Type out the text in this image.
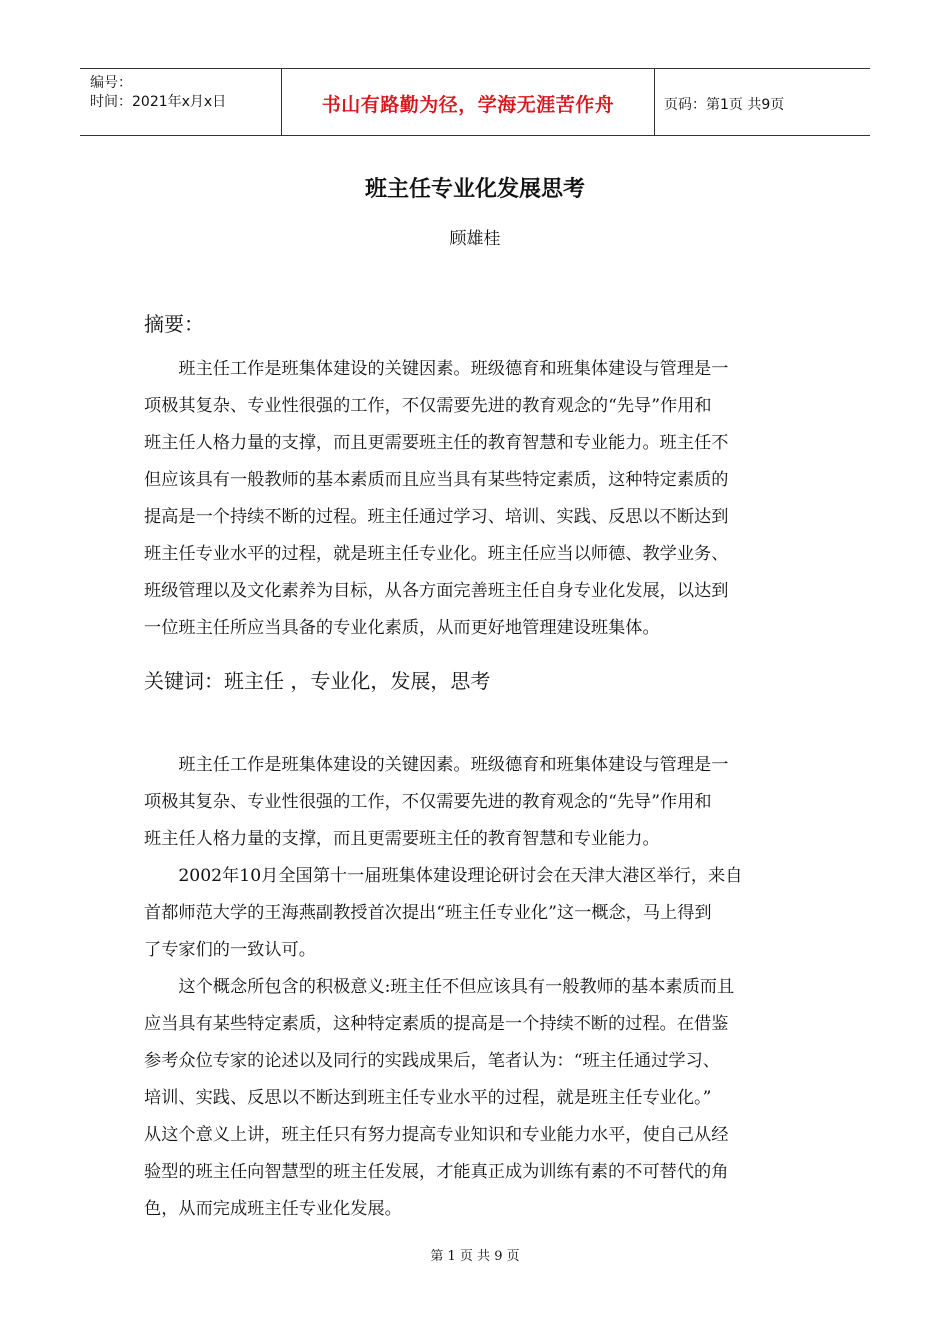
编号：
时间：2021年x月x日	书山有路勤为径，学海无涯苦作舟	页码：第1页 共9页
班主任专业化发展思考
顾雄桂
摘要：
　　班主任工作是班集体建设的关键因素。班级德育和班集体建设与管理是一
项极其复杂、专业性很强的工作，不仅需要先进的教育观念的“先导”作用和
班主任人格力量的支撑，而且更需要班主任的教育智慧和专业能力。班主任不
但应该具有一般教师的基本素质而且应当具有某些特定素质，这种特定素质的
提高是一个持续不断的过程。班主任通过学习、培训、实践、反思以不断达到
班主任专业水平的过程，就是班主任专业化。班主任应当以师德、教学业务、
班级管理以及文化素养为目标，从各方面完善班主任自身专业化发展，以达到
一位班主任所应当具备的专业化素质，从而更好地管理建设班集体。
关键词：班主任 ，专业化，发展，思考
　　班主任工作是班集体建设的关键因素。班级德育和班集体建设与管理是一
项极其复杂、专业性很强的工作，不仅需要先进的教育观念的“先导”作用和
班主任人格力量的支撑，而且更需要班主任的教育智慧和专业能力。
　　2002年10月全国第十一届班集体建设理论研讨会在天津大港区举行，来自
首都师范大学的王海燕副教授首次提出“班主任专业化”这一概念，马上得到
了专家们的一致认可。
　　这个概念所包含的积极意义:班主任不但应该具有一般教师的基本素质而且
应当具有某些特定素质，这种特定素质的提高是一个持续不断的过程。在借鉴
参考众位专家的论述以及同行的实践成果后，笔者认为：“班主任通过学习、
培训、实践、反思以不断达到班主任专业水平的过程，就是班主任专业化。”
从这个意义上讲，班主任只有努力提高专业知识和专业能力水平，使自己从经
验型的班主任向智慧型的班主任发展，才能真正成为训练有素的不可替代的角
色，从而完成班主任专业化发展。
第 1 页 共 9 页
